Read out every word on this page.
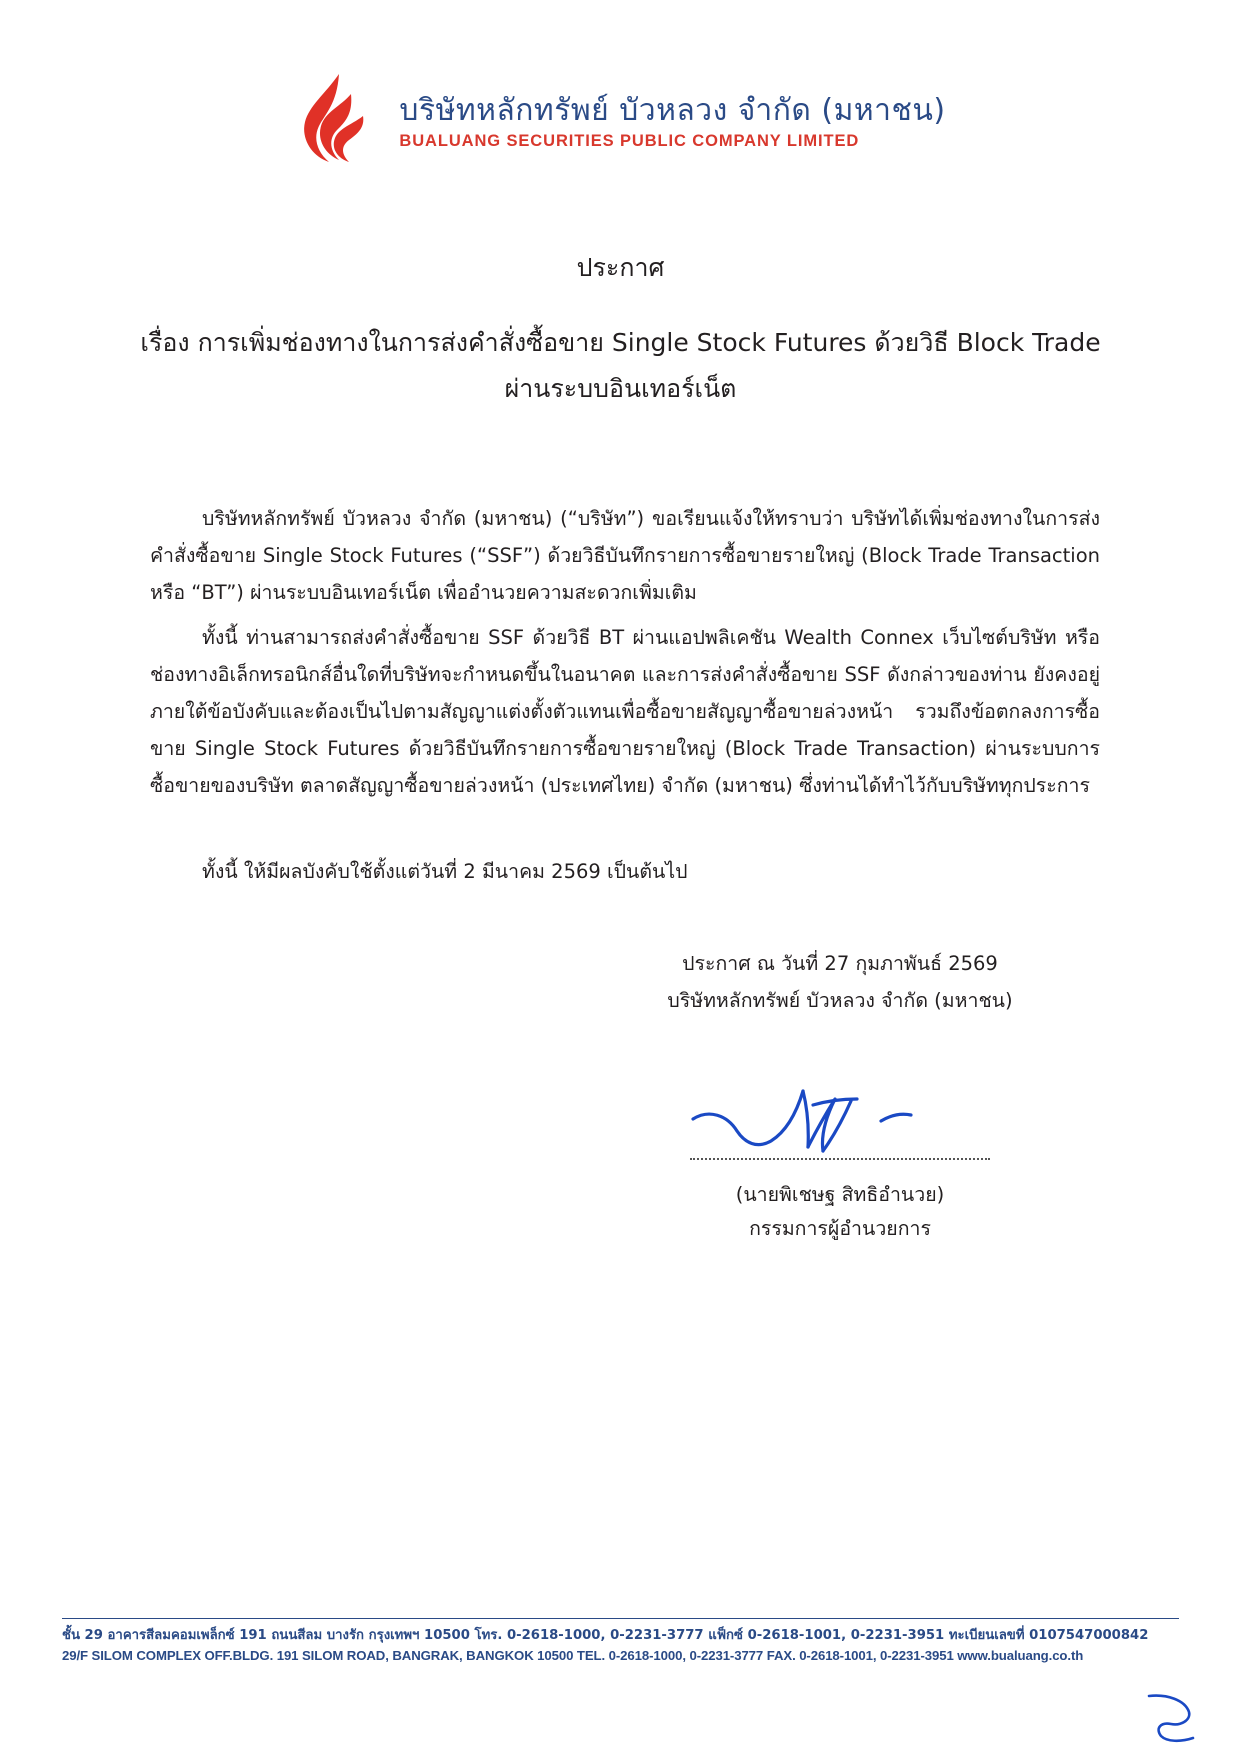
บริษัทหลักทรัพย์ บัวหลวง จำกัด (มหาชน)
BUALUANG SECURITIES PUBLIC COMPANY LIMITED
ประกาศ
เรื่อง การเพิ่มช่องทางในการส่งคำสั่งซื้อขาย Single Stock Futures ด้วยวิธี Block Trade
ผ่านระบบอินเทอร์เน็ต

บริษัทหลักทรัพย์ บัวหลวง จำกัด (มหาชน) (“บริษัท”) ขอเรียนแจ้งให้ทราบว่า บริษัทได้เพิ่มช่องทางในการส่งคำสั่งซื้อขาย Single Stock Futures (“SSF”) ด้วยวิธีบันทึกรายการซื้อขายรายใหญ่ (Block Trade Transaction หรือ “BT”) ผ่านระบบอินเทอร์เน็ต เพื่ออำนวยความสะดวกเพิ่มเติม

ทั้งนี้ ท่านสามารถส่งคำสั่งซื้อขาย SSF ด้วยวิธี BT ผ่านแอปพลิเคชัน Wealth Connex เว็บไซต์บริษัท หรือช่องทางอิเล็กทรอนิกส์อื่นใดที่บริษัทจะกำหนดขึ้นในอนาคต และการส่งคำสั่งซื้อขาย SSF ดังกล่าวของท่าน ยังคงอยู่ภายใต้ข้อบังคับและต้องเป็นไปตามสัญญาแต่งตั้งตัวแทนเพื่อซื้อขายสัญญาซื้อขายล่วงหน้า รวมถึงข้อตกลงการซื้อขาย Single Stock Futures ด้วยวิธีบันทึกรายการซื้อขายรายใหญ่ (Block Trade Transaction) ผ่านระบบการซื้อขายของบริษัท ตลาดสัญญาซื้อขายล่วงหน้า (ประเทศไทย) จำกัด (มหาชน) ซึ่งท่านได้ทำไว้กับบริษัททุกประการ

ทั้งนี้ ให้มีผลบังคับใช้ตั้งแต่วันที่ 2 มีนาคม 2569 เป็นต้นไป

ประกาศ ณ วันที่ 27 กุมภาพันธ์ 2569
บริษัทหลักทรัพย์ บัวหลวง จำกัด (มหาชน)
(นายพิเชษฐ สิทธิอำนวย)
กรรมการผู้อำนวยการ
ชั้น 29 อาคารสีลมคอมเพล็กซ์ 191 ถนนสีลม บางรัก กรุงเทพฯ 10500 โทร. 0-2618-1000, 0-2231-3777 แฟ็กซ์ 0-2618-1001, 0-2231-3951 ทะเบียนเลขที่ 0107547000842
29/F SILOM COMPLEX OFF.BLDG. 191 SILOM ROAD, BANGRAK, BANGKOK 10500 TEL. 0-2618-1000, 0-2231-3777 FAX. 0-2618-1001, 0-2231-3951 www.bualuang.co.th
